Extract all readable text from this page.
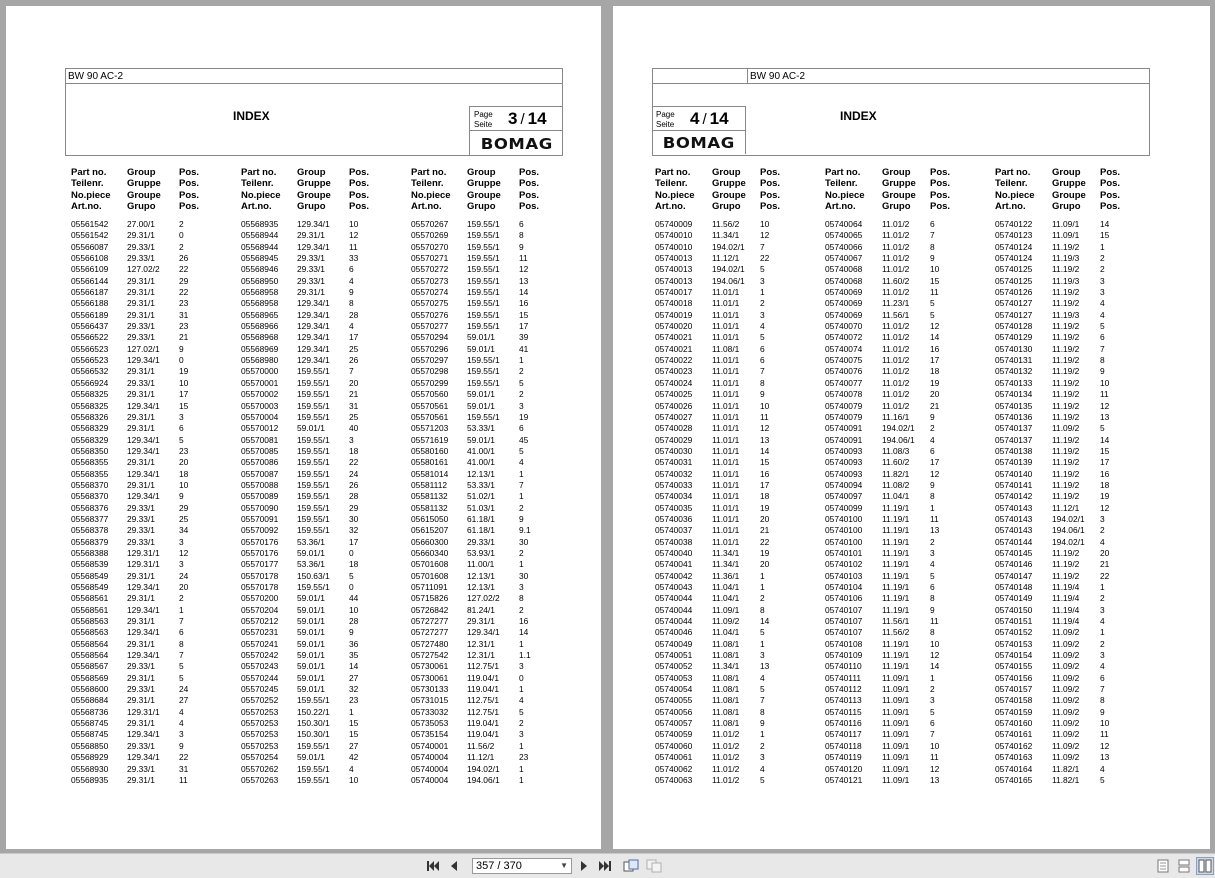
BW 90 AC-2
INDEX	Page
Seite 3 / 14
BOMAG
Part no.
Teilenr.
No.piece
Art.no.
Group
Gruppe
Groupe
Grupo
Pos.
Pos.
Pos.
Pos.
05561542 27.00/1	2
05561542 29.31/1	0
05566087 29.33/1	2
05566108 29.33/1	26
05566109 127.02/2 22
05566144 29.31/1	29
05566187 29.31/1	22
05566188 29.31/1	23
05566189 29.31/1	31
05566437 29.33/1	23
05566522 29.33/1	21
05566523 127.02/1 9
05566523 129.34/1 0
05566532 29.31/1	19
05566924 29.33/1	10
05568325 29.31/1	17
05568325 129.34/1 15
05568326 29.31/1	3
05568329 29.31/1	6
05568329 129.34/1 5
05568350 129.34/1 23
05568355 29.31/1	20
05568355 129.34/1 18
05568370 29.31/1	10
05568370 129.34/1 9
05568376 29.33/1	29
05568377 29.33/1	25
05568378 29.33/1	34
05568379 29.33/1	3
05568388 129.31/1 12
05568539 129.31/1 3
05568549 29.31/1	24
05568549 129.34/1 20
05568561 29.31/1	2
05568561 129.34/1 1
05568563 29.31/1	7
05568563 129.34/1 6
05568564 29.31/1	8
05568564 129.34/1 7
05568567 29.33/1	5
05568569 29.31/1	5
05568600 29.33/1	24
05568684 29.31/1	27
05568736 129.31/1 4
05568745 29.31/1	4
05568745 129.34/1 3
05568850 29.33/1	9
05568929 129.34/1 22
05568930 29.33/1	31
05568935 29.31/1	11
Part no.
Teilenr.
No.piece
Art.no.
Group
Gruppe
Groupe
Grupo
Pos.
Pos.
Pos.
Pos.
05568935 129.34/1 10
05568944 29.31/1	12
05568944 129.34/1 11
05568945 29.33/1	33
05568946 29.33/1	6
05568950 29.33/1	4
05568958 29.31/1	9
05568958 129.34/1 8
05568965 129.34/1 28
05568966 129.34/1 4
05568968 129.34/1 17
05568969 129.34/1 25
05568980 129.34/1 26
05570000 159.55/1 7
05570001 159.55/1 20
05570002 159.55/1 21
05570003 159.55/1 31
05570004 159.55/1 25
05570012 59.01/1	40
05570081 159.55/1 3
05570085 159.55/1 18
05570086 159.55/1 22
05570087 159.55/1 24
05570088 159.55/1 26
05570089 159.55/1 28
05570090 159.55/1 29
05570091 159.55/1 30
05570092 159.55/1 32
05570176 53.36/1	17
05570176 59.01/1	0
05570177 53.36/1	18
05570178 150.63/1 5
05570178 159.55/1 0
05570200 59.01/1	44
05570204 59.01/1	10
05570212 59.01/1	28
05570231 59.01/1	9
05570241 59.01/1	36
05570242 59.01/1	35
05570243 59.01/1	14
05570244 59.01/1	27
05570245 59.01/1	32
05570252 159.55/1 23
05570253 150.22/1 1
05570253 150.30/1 15
05570253 150.30/1 15
05570253 159.55/1 27
05570254 59.01/1	42
05570262 159.55/1 4
05570263 159.55/1 10
Part no.
Teilenr.
No.piece
Art.no.
Group
Gruppe
Groupe
Grupo
Pos.
Pos.
Pos.
Pos.
05570267 159.55/1 6
05570269 159.55/1 8
05570270 159.55/1 9
05570271 159.55/1 11
05570272 159.55/1 12
05570273 159.55/1 13
05570274 159.55/1 14
05570275 159.55/1 16
05570276 159.55/1 15
05570277 159.55/1 17
05570294 59.01/1	39
05570296 59.01/1	41
05570297 159.55/1 1
05570298 159.55/1 2
05570299 159.55/1 5
05570560 59.01/1	2
05570561 59.01/1	3
05570561 159.55/1 19
05571203 53.33/1	6
05571619 59.01/1	45
05580160 41.00/1	5
05580161 41.00/1	4
05581014 12.13/1	1
05581112 53.33/1	7
05581132 51.02/1	1
05581132 51.03/1	2
05615050 61.18/1	9
05615207 61.18/1	9.1
05660300 29.33/1	30
05660340 53.93/1	2
05701608 11.00/1	1
05701608 12.13/1	30
05711091 12.13/1	3
05715826 127.02/2 8
05726842 81.24/1	2
05727277 29.31/1	16
05727277 129.34/1 14
05727480 12.31/1	1
05727542 12.31/1	1.1
05730061 112.75/1 3
05730061 119.04/1 0
05730133 119.04/1 1
05731015 112.75/1 4
05733032 112.75/1 5
05735053 119.04/1 2
05735154 119.04/1 3
05740001 11.56/2	1
05740004 11.12/1	23
05740004 194.02/1 1
05740004 194.06/1 1
BW 90 AC-2
INDEX
Page
Seite 4 / 14
BOMAG
Part no.
Teilenr.
No.piece
Art.no.
Group
Gruppe
Groupe
Grupo
Pos.
Pos.
Pos.
Pos.
05740009 11.56/2 10
05740010 11.34/1 12
05740010 194.02/1 7
05740013 11.12/1 22
05740013 194.02/1 5
05740013 194.06/1 3
05740017 11.01/1 1
05740018 11.01/1 2
05740019 11.01/1 3
05740020 11.01/1 4
05740021 11.01/1 5
05740021 11.08/1 6
05740022 11.01/1 6
05740023 11.01/1 7
05740024 11.01/1 8
05740025 11.01/1 9
05740026 11.01/1 10
05740027 11.01/1 11
05740028 11.01/1 12
05740029 11.01/1 13
05740030 11.01/1 14
05740031 11.01/1 15
05740032 11.01/1 16
05740033 11.01/1 17
05740034 11.01/1 18
05740035 11.01/1 19
05740036 11.01/1 20
05740037 11.01/1 21
05740038 11.01/1 22
05740040 11.34/1 19
05740041 11.34/1 20
05740042 11.36/1 1
05740043 11.04/1 1
05740044 11.04/1 2
05740044 11.09/1 8
05740044 11.09/2 14
05740046 11.04/1 5
05740049 11.08/1 1
05740051 11.08/1 3
05740052 11.34/1 13
05740053 11.08/1 4
05740054 11.08/1 5
05740055 11.08/1 7
05740056 11.08/1 8
05740057 11.08/1 9
05740059 11.01/2 1
05740060 11.01/2 2
05740061 11.01/2 3
05740062 11.01/2 4
05740063 11.01/2 5
Part no.
Teilenr.
No.piece
Art.no.
Group
Gruppe
Groupe
Grupo
Pos.
Pos.
Pos.
Pos.
05740064 11.01/2 6
05740065 11.01/2 7
05740066 11.01/2 8
05740067 11.01/2 9
05740068 11.01/2 10
05740068 11.60/2 15
05740069 11.01/2 11
05740069 11.23/1 5
05740069 11.56/1 5
05740070 11.01/2 12
05740072 11.01/2 14
05740074 11.01/2 16
05740075 11.01/2 17
05740076 11.01/2 18
05740077 11.01/2 19
05740078 11.01/2 20
05740079 11.01/2 21
05740079 11.16/1 9
05740091 194.02/1 2
05740091 194.06/1 4
05740093 11.08/3 6
05740093 11.60/2 17
05740093 11.82/1 12
05740094 11.08/2 9
05740097 11.04/1 8
05740099 11.19/1 1
05740100 11.19/1 11
05740100 11.19/1 13
05740100 11.19/1 2
05740101 11.19/1 3
05740102 11.19/1 4
05740103 11.19/1 5
05740104 11.19/1 6
05740106 11.19/1 8
05740107 11.19/1 9
05740107 11.56/1 11
05740107 11.56/2 8
05740108 11.19/1 10
05740109 11.19/1 12
05740110 11.19/1 14
05740111 11.09/1 1
05740112 11.09/1 2
05740113 11.09/1 3
05740115 11.09/1 5
05740116 11.09/1 6
05740117 11.09/1 7
05740118 11.09/1 10
05740119 11.09/1 11
05740120 11.09/1 12
05740121 11.09/1 13
Part no.
Teilenr.
No.piece
Art.no.
Group
Gruppe
Groupe
Grupo
Pos.
Pos.
Pos.
Pos.
05740122 11.09/1 14
05740123 11.09/1 15
05740124 11.19/2 1
05740124 11.19/3 2
05740125 11.19/2 2
05740125 11.19/3 3
05740126 11.19/2 3
05740127 11.19/2 4
05740127 11.19/3 4
05740128 11.19/2 5
05740129 11.19/2 6
05740130 11.19/2 7
05740131 11.19/2 8
05740132 11.19/2 9
05740133 11.19/2 10
05740134 11.19/2 11
05740135 11.19/2 12
05740136 11.19/2 13
05740137 11.09/2 5
05740137 11.19/2 14
05740138 11.19/2 15
05740139 11.19/2 17
05740140 11.19/2 16
05740141 11.19/2 18
05740142 11.19/2 19
05740143 11.12/1 12
05740143 194.02/1 3
05740143 194.06/1 2
05740144 194.02/1 4
05740145 11.19/2 20
05740146 11.19/2 21
05740147 11.19/2 22
05740148 11.19/4 1
05740149 11.19/4 2
05740150 11.19/4 3
05740151 11.19/4 4
05740152 11.09/2 1
05740153 11.09/2 2
05740154 11.09/2 3
05740155 11.09/2 4
05740156 11.09/2 6
05740157 11.09/2 7
05740158 11.09/2 8
05740159 11.09/2 9
05740160 11.09/2 10
05740161 11.09/2 11
05740162 11.09/2 12
05740163 11.09/2 13
05740164 11.82/1 4
05740165 11.82/1 5
357 / 370	▼
